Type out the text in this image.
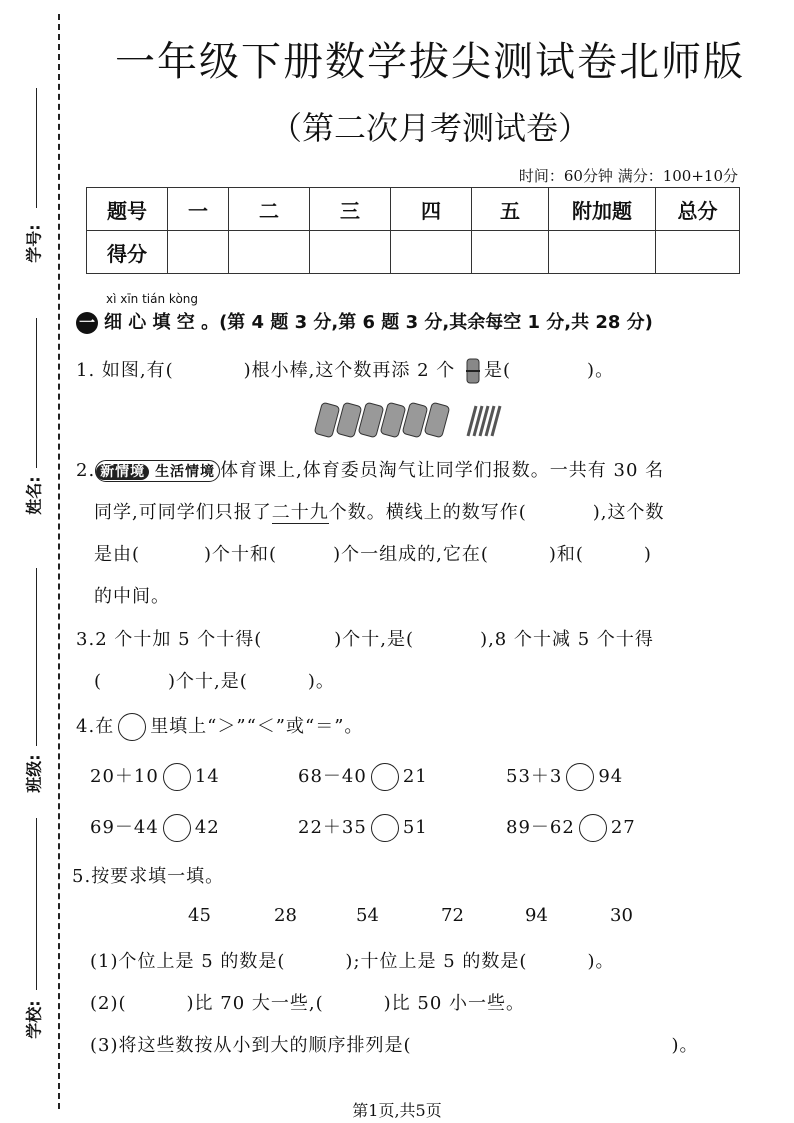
学号:
姓名:
班级:
学校:
一年级下册数学拔尖测试卷北师版
（第二次月考测试卷）
时间：60分钟 满分：100+10分
题号	一	二	三	四	五	附加题	总分
得分							
xì xīn tián kòng
一 细 心 填 空 。(第 4 题 3 分,第 6 题 3 分,其余每空 1 分,共 28 分)
1. 如图,有(	)根小棒,这个数再添 2 个 是(	)。
2. 新情境 生活情境 体育课上,体育委员淘气让同学们报数。一共有 30 名
同学,可同学们只报了二十九个数。横线上的数写作(	),这个数
是由(	)个十和(	)个一组成的,它在(	)和(	)
的中间。
3.2 个十加 5 个十得(	)个十,是(	),8 个十减 5 个十得
(	)个十,是(	)。
4.在 里填上“＞”“＜”或“＝”。
20＋10 14	68－40 21	53＋3 94
69－44 42	22＋35 51	89－62 27
5.按要求填一填。
45	28	54	72	94	30
(1)个位上是 5 的数是(	);十位上是 5 的数是(	)。
(2)(	)比 70 大一些,(	)比 50 小一些。
(3)将这些数按从小到大的顺序排列是(	)。
第1页,共5页
